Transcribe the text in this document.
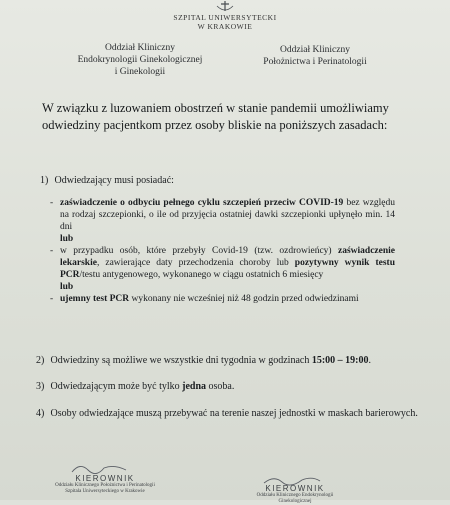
SZPITAL UNIWERSYTECKI
W KRAKOWIE
Oddział Kliniczny
Endokrynologii Ginekologicznej
i Ginekologii
Oddział Kliniczny
Położnictwa i Perinatologii
W związku z luzowaniem obostrzeń w stanie pandemii umożliwiamy odwiedziny pacjentkom przez osoby bliskie na poniższych zasadach:
1) Odwiedzający musi posiadać:
- zaświadczenie o odbyciu pełnego cyklu szczepień przeciw COVID-19 bez względu na rodzaj szczepionki, o ile od przyjęcia ostatniej dawki szczepionki upłynęło min. 14 dni
lub
- w przypadku osób, które przebyły Covid-19 (tzw. ozdrowieńcy) zaświadczenie lekarskie, zawierające daty przechodzenia choroby lub pozytywny wynik testu PCR/testu antygenowego, wykonanego w ciągu ostatnich 6 miesięcy
lub
- ujemny test PCR wykonany nie wcześniej niż 48 godzin przed odwiedzinami
2) Odwiedziny są możliwe we wszystkie dni tygodnia w godzinach 15:00 – 19:00.
3) Odwiedzającym może być tylko jedna osoba.
4) Osoby odwiedzające muszą przebywać na terenie naszej jednostki w maskach barierowych.
KIEROWNIK
Oddziału Klinicznego Położnictwa i Perinatologii
Szpitala Uniwersyteckiego w Krakowie	KIEROWNIK
Oddziału Klinicznego Endokrynologii Ginekologicznej
